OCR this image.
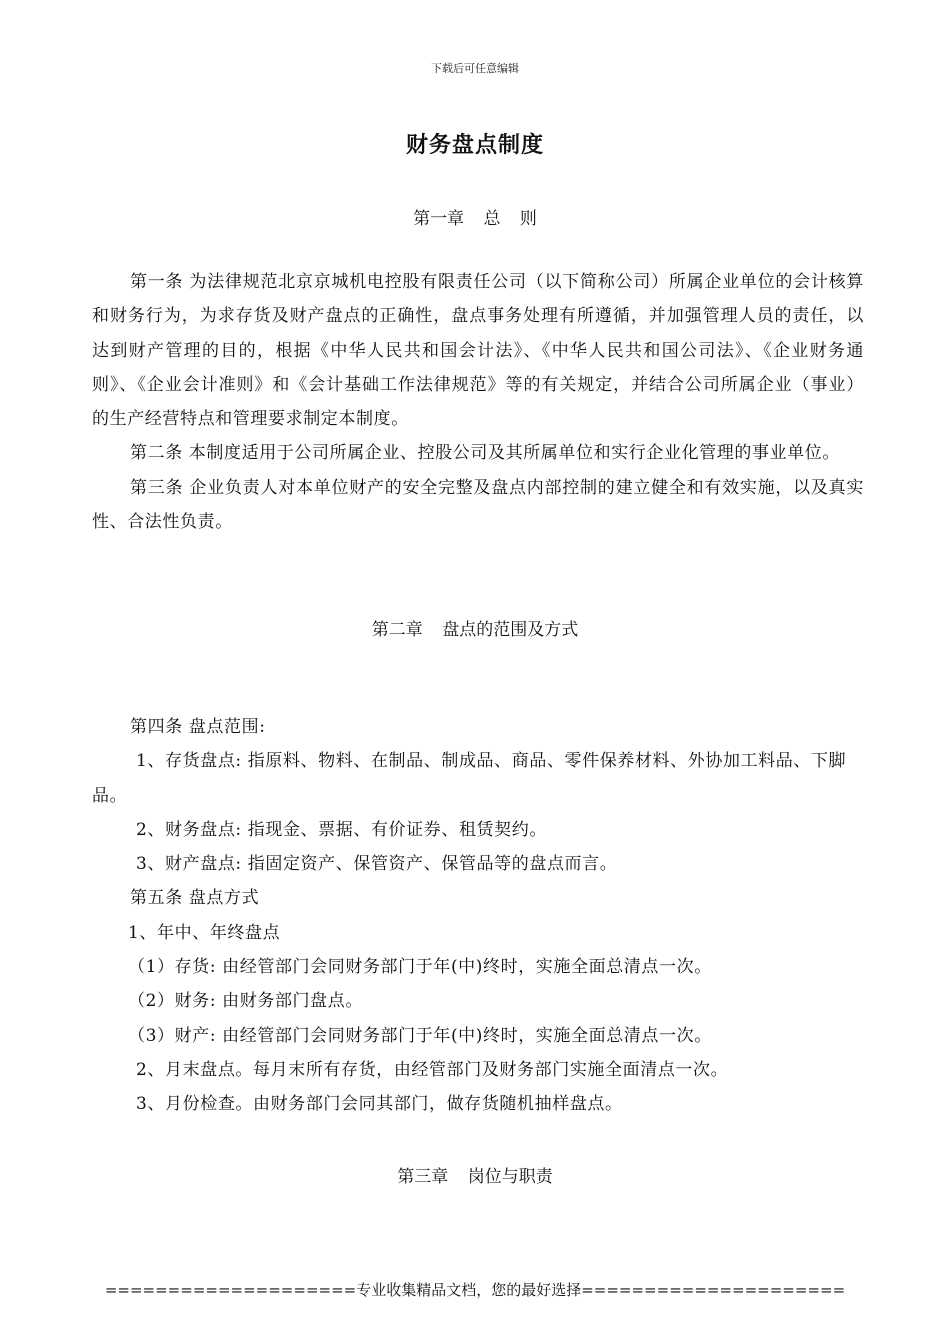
下载后可任意编辑
财务盘点制度
第一章 总 则

第一条 为法律规范北京京城机电控股有限责任公司（以下简称公司）所属企业单位的会计核算和财务行为，为求存货及财产盘点的正确性，盘点事务处理有所遵循，并加强管理人员的责任，以达到财产管理的目的，根据《中华人民共和国会计法》、《中华人民共和国公司法》、《企业财务通则》、《企业会计准则》和《会计基础工作法律规范》等的有关规定，并结合公司所属企业（事业）的生产经营特点和管理要求制定本制度。

第二条 本制度适用于公司所属企业、控股公司及其所属单位和实行企业化管理的事业单位。

第三条 企业负责人对本单位财产的安全完整及盘点内部控制的建立健全和有效实施，以及真实性、合法性负责。

第二章 盘点的范围及方式

第四条 盘点范围:

1、存货盘点: 指原料、物料、在制品、制成品、商品、零件保养材料、外协加工料品、下脚品。

2、财务盘点: 指现金、票据、有价证券、租赁契约。

3、财产盘点: 指固定资产、保管资产、保管品等的盘点而言。

第五条 盘点方式

1、年中、年终盘点

（1）存货: 由经管部门会同财务部门于年(中)终时，实施全面总清点一次。

（2）财务: 由财务部门盘点。

（3）财产: 由经管部门会同财务部门于年(中)终时，实施全面总清点一次。

2、月末盘点。每月末所有存货，由经管部门及财务部门实施全面清点一次。

3、月份检查。由财务部门会同其部门，做存货随机抽样盘点。

第三章 岗位与职责
====================专业收集精品文档，您的最好选择=====================
